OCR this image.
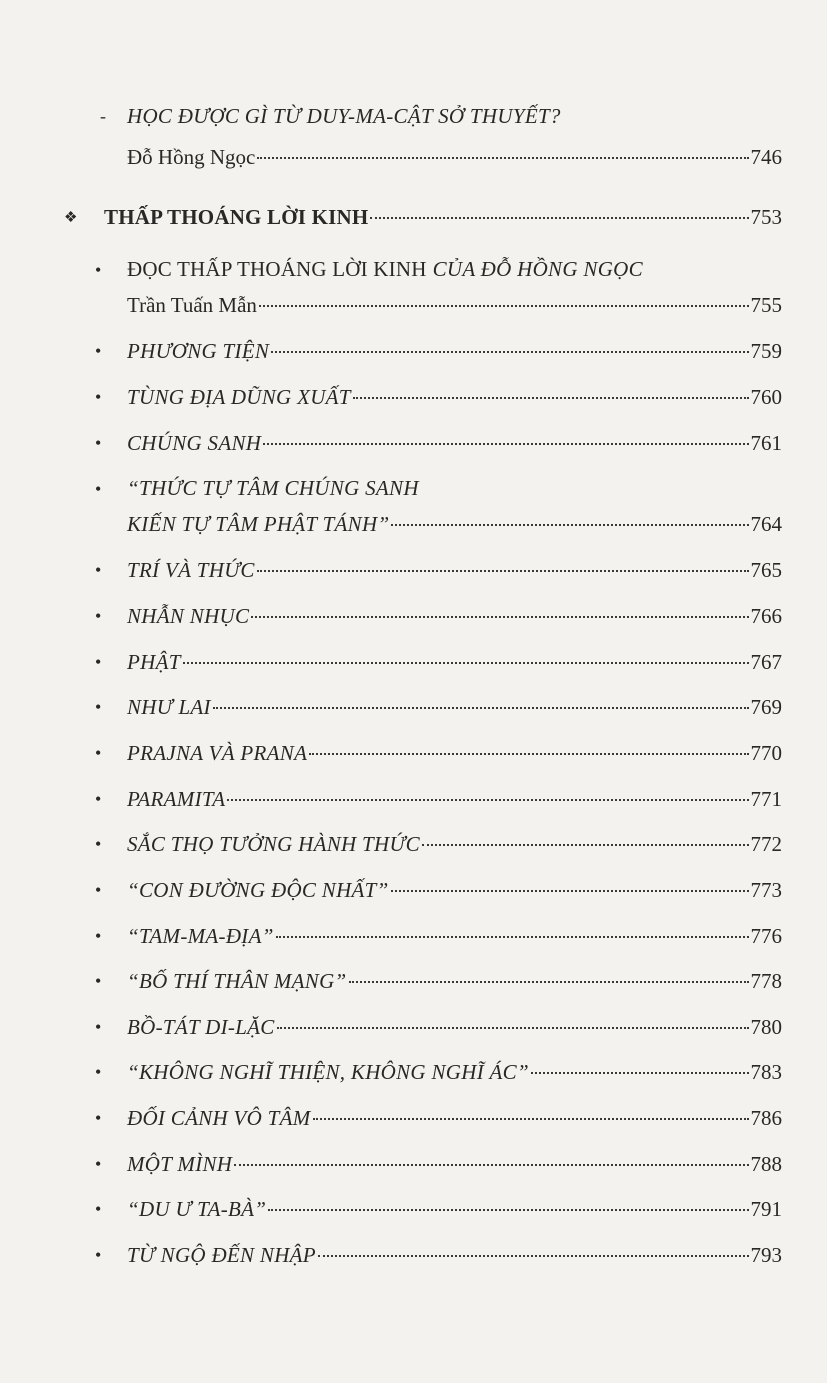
- HỌC ĐƯỢC GÌ TỪ DUY-MA-CẬT SỞ THUYẾT?
Đỗ Hồng Ngọc	746
❖ THẤP THOÁNG LỜI KINH	753
• ĐỌC THẤP THOÁNG LỜI KINH CỦA ĐỖ HỒNG NGỌC
Trần Tuấn Mẫn	755
• PHƯƠNG TIỆN	759
• TÙNG ĐỊA DŨNG XUẤT	760
• CHÚNG SANH	761
• “THỨC TỰ TÂM CHÚNG SANH
KIẾN TỰ TÂM PHẬT TÁNH”	764
• TRÍ VÀ THỨC	765
• NHẪN NHỤC	766
• PHẬT	767
• NHƯ LAI	769
• PRAJNA VÀ PRANA	770
• PARAMITA	771
• SẮC THỌ TƯỞNG HÀNH THỨC	772
• “CON ĐƯỜNG ĐỘC NHẤT”	773
• “TAM-MA-ĐỊA”	776
• “BỐ THÍ THÂN MẠNG”	778
• BỒ-TÁT DI-LẶC	780
• “KHÔNG NGHĨ THIỆN, KHÔNG NGHĨ ÁC”	783
• ĐỐI CẢNH VÔ TÂM	786
• MỘT MÌNH	788
• “DU Ư TA-BÀ”	791
• TỪ NGỘ ĐẾN NHẬP	793
